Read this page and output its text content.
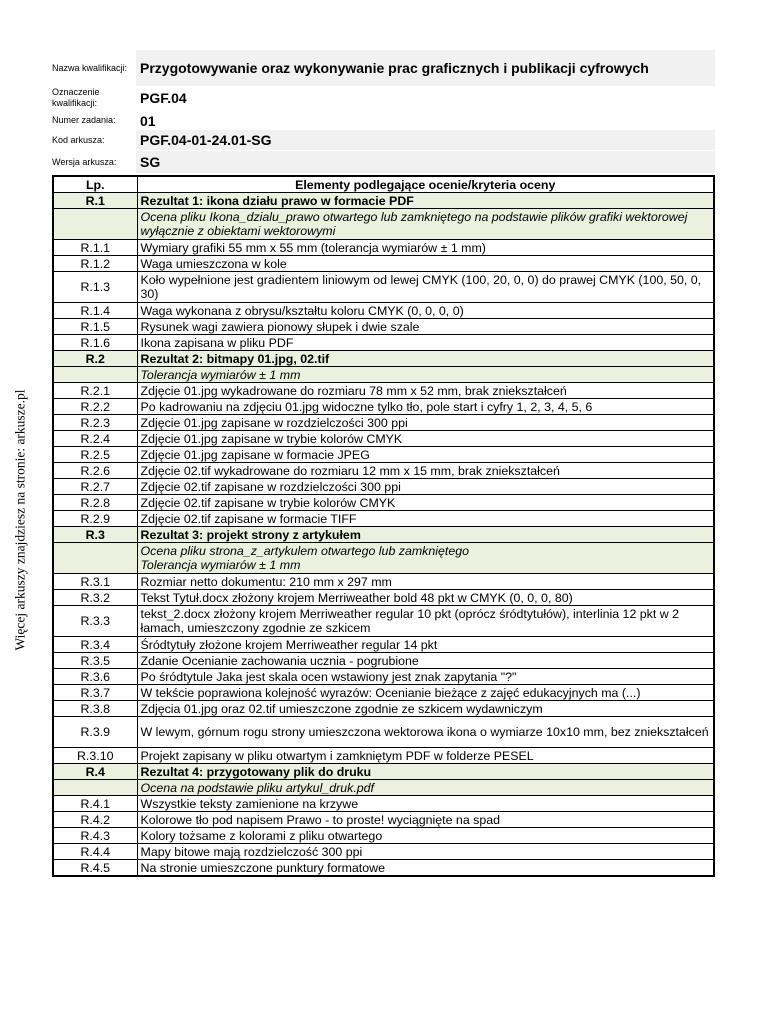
Więcej arkuszy znajdziesz na stronie: arkusze.pl
Nazwa kwalifikacji: Przygotowywanie oraz wykonywanie prac graficznych i publikacji cyfrowych
Oznaczenie kwalifikacji:	PGF.04
Numer zadania:	01
Kod arkusza:	PGF.04-01-24.01-SG
Wersja arkusza:	SG
Lp.	Elementy podlegające ocenie/kryteria oceny
R.1	Rezultat 1: ikona działu prawo w formacie PDF
	Ocena pliku Ikona_dzialu_prawo otwartego lub zamkniętego na podstawie plików grafiki wektorowej wyłącznie z obiektami wektorowymi
R.1.1	Wymiary grafiki 55 mm x 55 mm (tolerancja wymiarów ± 1 mm)
R.1.2	Waga umieszczona w kole
R.1.3	Koło wypełnione jest gradientem liniowym od lewej CMYK (100, 20, 0, 0) do prawej CMYK (100, 50, 0, 30)
R.1.4	Waga wykonana z obrysu/kształtu koloru CMYK (0, 0, 0, 0)
R.1.5	Rysunek wagi zawiera pionowy słupek i dwie szale
R.1.6	Ikona zapisana w pliku PDF
R.2	Rezultat 2: bitmapy 01.jpg, 02.tif
	Tolerancja wymiarów ± 1 mm
R.2.1	Zdjęcie 01.jpg wykadrowane do rozmiaru 78 mm x 52 mm, brak zniekształceń
R.2.2	Po kadrowaniu na zdjęciu 01.jpg widoczne tylko tło, pole start i cyfry 1, 2, 3, 4, 5, 6
R.2.3	Zdjęcie 01.jpg zapisane w rozdzielczości 300 ppi
R.2.4	Zdjęcie 01.jpg zapisane w trybie kolorów CMYK
R.2.5	Zdjęcie 01.jpg zapisane w formacie JPEG
R.2.6	Zdjęcie 02.tif wykadrowane do rozmiaru 12 mm x 15 mm, brak zniekształceń
R.2.7	Zdjęcie 02.tif zapisane w rozdzielczości 300 ppi
R.2.8	Zdjęcie 02.tif zapisane w trybie kolorów CMYK
R.2.9	Zdjęcie 02.tif zapisane w formacie TIFF
R.3	Rezultat 3: projekt strony z artykułem
	Ocena pliku strona_z_artykulem otwartego lub zamkniętego
Tolerancja wymiarów ± 1 mm
R.3.1	Rozmiar netto dokumentu: 210 mm x 297 mm
R.3.2	Tekst Tytuł.docx złożony krojem Merriweather bold 48 pkt w CMYK (0, 0, 0, 80)
R.3.3	tekst_2.docx złożony krojem Merriweather regular 10 pkt (oprócz śródtytułów), interlinia 12 pkt w 2 łamach, umieszczony zgodnie ze szkicem
R.3.4	Śródtytuły złożone krojem Merriweather regular 14 pkt
R.3.5	Zdanie Ocenianie zachowania ucznia - pogrubione
R.3.6	Po śródtytule Jaka jest skala ocen wstawiony jest znak zapytania "?"
R.3.7	W tekście poprawiona kolejność wyrazów: Ocenianie bieżące z zajęć edukacyjnych ma (...)
R.3.8	Zdjęcia 01.jpg oraz 02.tif umieszczone zgodnie ze szkicem wydawniczym
R.3.9	W lewym, górnum rogu strony umieszczona wektorowa ikona o wymiarze 10x10 mm, bez zniekształceń
R.3.10	Projekt zapisany w pliku otwartym i zamkniętym PDF w folderze PESEL
R.4	Rezultat 4: przygotowany plik do druku
	Ocena na podstawie pliku artykul_druk.pdf
R.4.1	Wszystkie teksty zamienione na krzywe
R.4.2	Kolorowe tło pod napisem Prawo - to proste! wyciągnięte na spad
R.4.3	Kolory tożsame z kolorami z pliku otwartego
R.4.4	Mapy bitowe mają rozdzielczość 300 ppi
R.4.5	Na stronie umieszczone punktury formatowe
